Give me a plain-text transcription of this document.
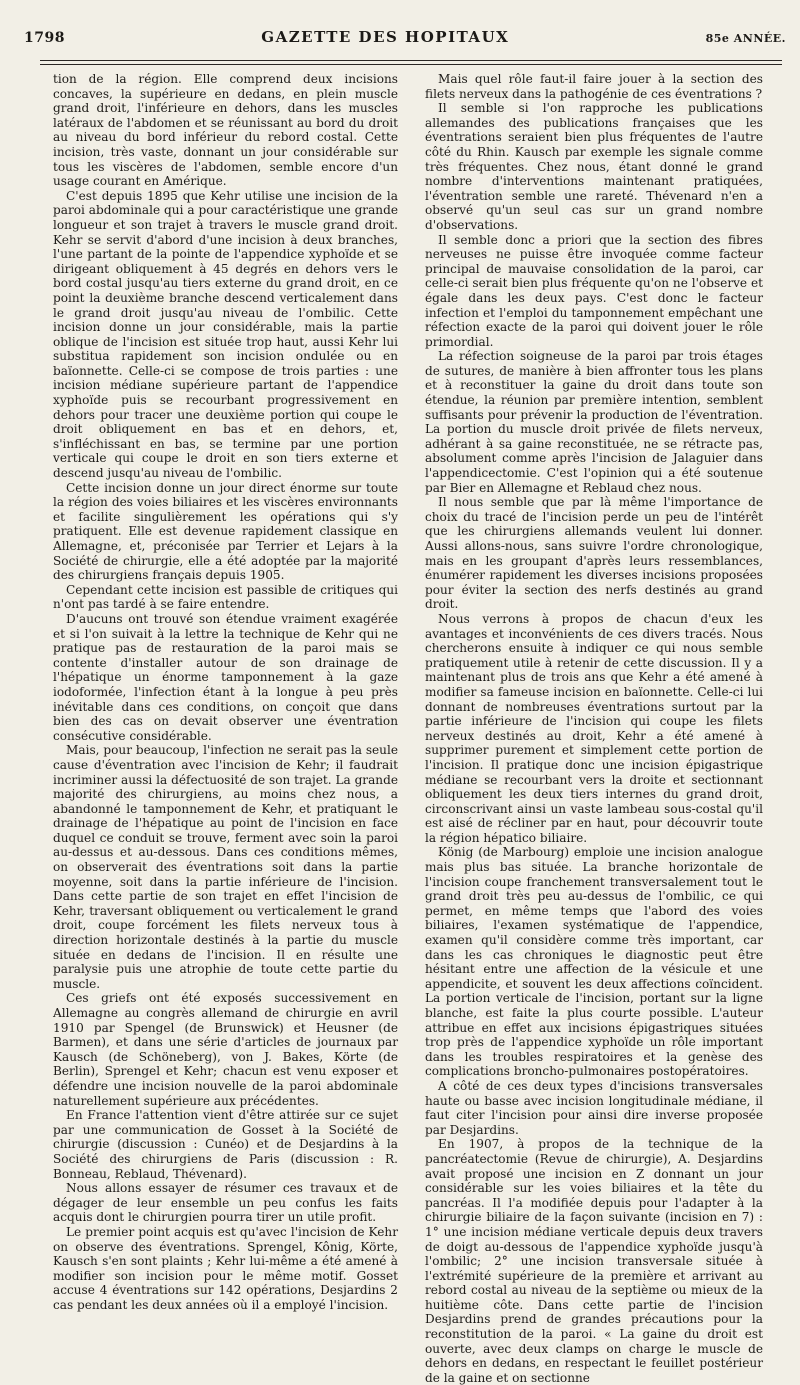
1798	GAZETTE DES HOPITAUX	85e ANNÉE.

tion de la région. Elle comprend deux incisions concaves, la supérieure en dedans, en plein muscle grand droit, l'inférieure en dehors, dans les muscles latéraux de l'abdomen et se réunissant au bord du droit au niveau du bord inférieur du rebord costal. Cette incision, très vaste, donnant un jour considérable sur tous les viscères de l'abdomen, semble encore d'un usage courant en Amérique.

C'est depuis 1895 que Kehr utilise une incision de la paroi abdominale qui a pour caractéristique une grande longueur et son trajet à travers le muscle grand droit. Kehr se servit d'abord d'une incision à deux branches, l'une partant de la pointe de l'appendice xyphoïde et se dirigeant obliquement à 45 degrés en dehors vers le bord costal jusqu'au tiers externe du grand droit, en ce point la deuxième branche descend verticalement dans le grand droit jusqu'au niveau de l'ombilic. Cette incision donne un jour considérable, mais la partie oblique de l'incision est située trop haut, aussi Kehr lui substitua rapidement son incision ondulée ou en baïonnette. Celle-ci se compose de trois parties : une incision médiane supérieure partant de l'appendice xyphoïde puis se recourbant progressivement en dehors pour tracer une deuxième portion qui coupe le droit obliquement en bas et en dehors, et, s'infléchissant en bas, se termine par une portion verticale qui coupe le droit en son tiers externe et descend jusqu'au niveau de l'ombilic.

Cette incision donne un jour direct énorme sur toute la région des voies biliaires et les viscères environnants et facilite singulièrement les opérations qui s'y pratiquent. Elle est devenue rapidement classique en Allemagne, et, préconisée par Terrier et Lejars à la Société de chirurgie, elle a été adoptée par la majorité des chirurgiens français depuis 1905.

Cependant cette incision est passible de critiques qui n'ont pas tardé à se faire entendre.

D'aucuns ont trouvé son étendue vraiment exagérée et si l'on suivait à la lettre la technique de Kehr qui ne pratique pas de restauration de la paroi mais se contente d'installer autour de son drainage de l'hépatique un énorme tamponnement à la gaze iodoformée, l'infection étant à la longue à peu près inévitable dans ces conditions, on conçoit que dans bien des cas on devait observer une éventration consécutive considérable.

Mais, pour beaucoup, l'infection ne serait pas la seule cause d'éventration avec l'incision de Kehr; il faudrait incriminer aussi la défectuosité de son trajet. La grande majorité des chirurgiens, au moins chez nous, a abandonné le tamponnement de Kehr, et pratiquant le drainage de l'hépatique au point de l'incision en face duquel ce conduit se trouve, ferment avec soin la paroi au-dessus et au-dessous. Dans ces conditions mêmes, on observerait des éventrations soit dans la partie moyenne, soit dans la partie inférieure de l'incision. Dans cette partie de son trajet en effet l'incision de Kehr, traversant obliquement ou verticalement le grand droit, coupe forcément les filets nerveux tous à direction horizontale destinés à la partie du muscle située en dedans de l'incision. Il en résulte une paralysie puis une atrophie de toute cette partie du muscle.

Ces griefs ont été exposés successivement en Allemagne au congrès allemand de chirurgie en avril 1910 par Spengel (de Brunswick) et Heusner (de Barmen), et dans une série d'articles de journaux par Kausch (de Schöneberg), von J. Bakes, Körte (de Berlin), Sprengel et Kehr; chacun est venu exposer et défendre une incision nouvelle de la paroi abdominale naturellement supérieure aux précédentes.

En France l'attention vient d'être attirée sur ce sujet par une communication de Gosset à la Société de chirurgie (discussion : Cunéo) et de Desjardins à la Société des chirurgiens de Paris (discussion : R. Bonneau, Reblaud, Thévenard).

Nous allons essayer de résumer ces travaux et de dégager de leur ensemble un peu confus les faits acquis dont le chirurgien pourra tirer un utile profit.

Le premier point acquis est qu'avec l'incision de Kehr on observe des éventrations. Sprengel, Kônig, Körte, Kausch s'en sont plaints ; Kehr lui-même a été amené à modifier son incision pour le même motif. Gosset accuse 4 éventrations sur 142 opérations, Desjardins 2 cas pendant les deux années où il a employé l'incision.

Mais quel rôle faut-il faire jouer à la section des filets nerveux dans la pathogénie de ces éventrations ?

Il semble si l'on rapproche les publications allemandes des publications françaises que les éventrations seraient bien plus fréquentes de l'autre côté du Rhin. Kausch par exemple les signale comme très fréquentes. Chez nous, étant donné le grand nombre d'interventions maintenant pratiquées, l'éventration semble une rareté. Thévenard n'en a observé qu'un seul cas sur un grand nombre d'observations.

Il semble donc a priori que la section des fibres nerveuses ne puisse être invoquée comme facteur principal de mauvaise consolidation de la paroi, car celle-ci serait bien plus fréquente qu'on ne l'observe et égale dans les deux pays. C'est donc le facteur infection et l'emploi du tamponnement empêchant une réfection exacte de la paroi qui doivent jouer le rôle primordial.

La réfection soigneuse de la paroi par trois étages de sutures, de manière à bien affronter tous les plans et à reconstituer la gaine du droit dans toute son étendue, la réunion par première intention, semblent suffisants pour prévenir la production de l'éventration. La portion du muscle droit privée de filets nerveux, adhérant à sa gaine reconstituée, ne se rétracte pas, absolument comme après l'incision de Jalaguier dans l'appendicectomie. C'est l'opinion qui a été soutenue par Bier en Allemagne et Reblaud chez nous.

Il nous semble que par là même l'importance de choix du tracé de l'incision perde un peu de l'intérêt que les chirurgiens allemands veulent lui donner. Aussi allons-nous, sans suivre l'ordre chronologique, mais en les groupant d'après leurs ressemblances, énumérer rapidement les diverses incisions proposées pour éviter la section des nerfs destinés au grand droit.

Nous verrons à propos de chacun d'eux les avantages et inconvénients de ces divers tracés. Nous chercherons ensuite à indiquer ce qui nous semble pratiquement utile à retenir de cette discussion. Il y a maintenant plus de trois ans que Kehr a été amené à modifier sa fameuse incision en baïonnette. Celle-ci lui donnant de nombreuses éventrations surtout par la partie inférieure de l'incision qui coupe les filets nerveux destinés au droit, Kehr a été amené à supprimer purement et simplement cette portion de l'incision. Il pratique donc une incision épigastrique médiane se recourbant vers la droite et sectionnant obliquement les deux tiers internes du grand droit, circonscrivant ainsi un vaste lambeau sous-costal qu'il est aisé de récliner par en haut, pour découvrir toute la région hépatico biliaire.

König (de Marbourg) emploie une incision analogue mais plus bas située. La branche horizontale de l'incision coupe franchement transversalement tout le grand droit très peu au-dessus de l'ombilic, ce qui permet, en même temps que l'abord des voies biliaires, l'examen systématique de l'appendice, examen qu'il considère comme très important, car dans les cas chroniques le diagnostic peut être hésitant entre une affection de la vésicule et une appendicite, et souvent les deux affections coïncident. La portion verticale de l'incision, portant sur la ligne blanche, est faite la plus courte possible. L'auteur attribue en effet aux incisions épigastriques situées trop près de l'appendice xyphoïde un rôle important dans les troubles respiratoires et la genèse des complications broncho-pulmonaires postopératoires.

A côté de ces deux types d'incisions transversales haute ou basse avec incision longitudinale médiane, il faut citer l'incision pour ainsi dire inverse proposée par Desjardins.

En 1907, à propos de la technique de la pancréatectomie (Revue de chirurgie), A. Desjardins avait proposé une incision en Z donnant un jour considérable sur les voies biliaires et la tête du pancréas. Il l'a modifiée depuis pour l'adapter à la chirurgie biliaire de la façon suivante (incision en 7) : 1° une incision médiane verticale depuis deux travers de doigt au-dessous de l'appendice xyphoïde jusqu'à l'ombilic; 2° une incision transversale située à l'extrémité supérieure de la première et arrivant au rebord costal au niveau de la septième ou mieux de la huitième côte. Dans cette partie de l'incision Desjardins prend de grandes précautions pour la reconstitution de la paroi. « La gaine du droit est ouverte, avec deux clamps on charge le muscle de dehors en dedans, en respectant le feuillet postérieur de la gaine et on sectionne
